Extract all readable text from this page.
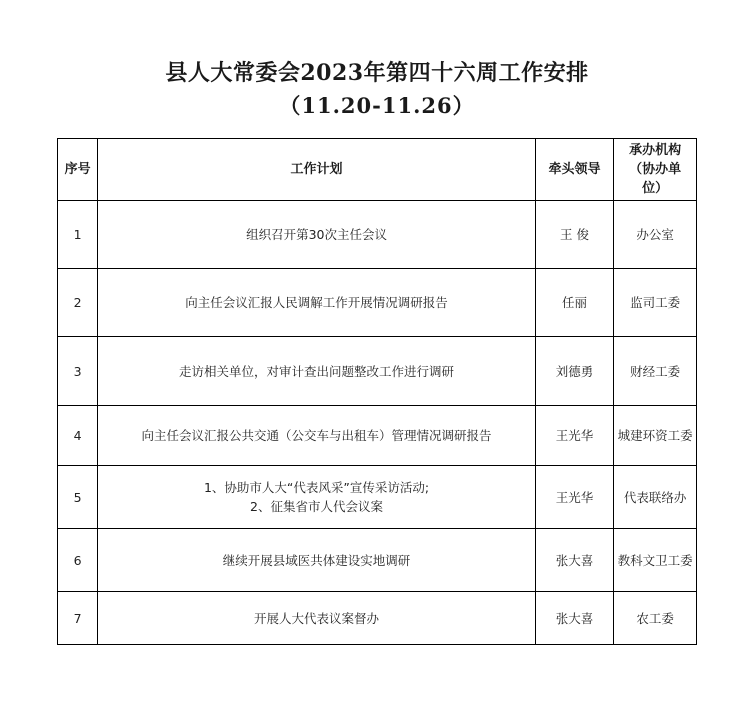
县人大常委会2023年第四十六周工作安排
（11.20-11.26）
序号	工作计划	牵头领导	承办机构
（协办单
位）

1	组织召开第30次主任会议	王 俊	办公室
2	向主任会议汇报人民调解工作开展情况调研报告	任丽	监司工委
3	走访相关单位，对审计查出问题整改工作进行调研	刘德勇	财经工委
4	向主任会议汇报公共交通（公交车与出租车）管理情况调研报告	王光华	城建环资工委
5	1、协助市人大“代表风采”宣传采访活动;
2、征集省市人代会议案	王光华	代表联络办
6	继续开展县域医共体建设实地调研	张大喜	教科文卫工委
7	开展人大代表议案督办	张大喜	农工委
